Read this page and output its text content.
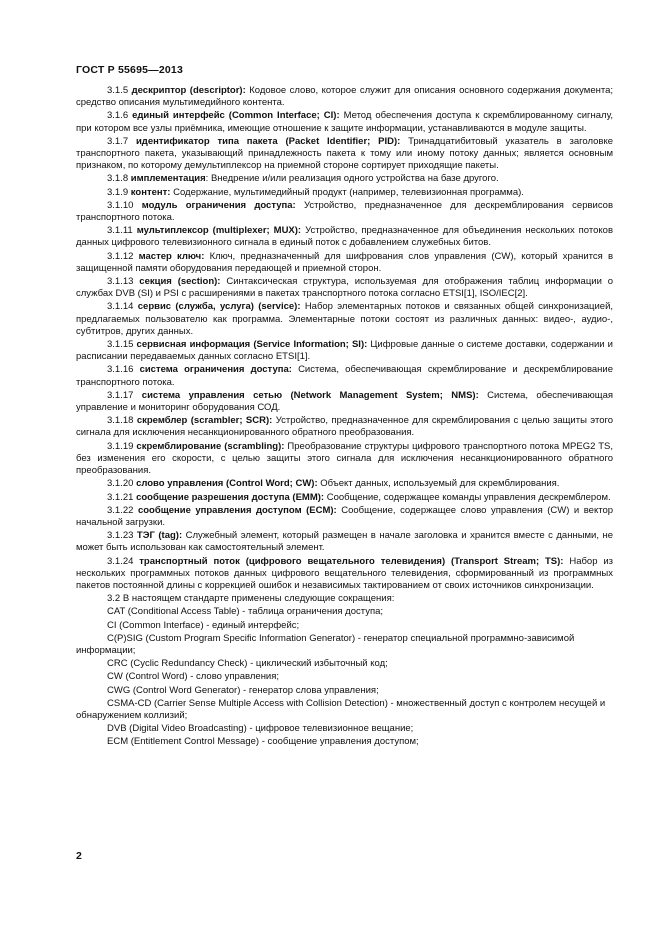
ГОСТ Р 55695—2013

3.1.5 дескриптор (descriptor): Кодовое слово, которое служит для описания основного содержания документа; средство описания мультимедийного контента.

3.1.6 единый интерфейс (Common Interface; CI): Метод обеспечения доступа к скремблированному сигналу, при котором все узлы приёмника, имеющие отношение к защите информации, устанавливаются в модуле защиты.

3.1.7 идентификатор типа пакета (Packet Identifier; PID): Тринадцатибитовый указатель в заголовке транспортного пакета, указывающий принадлежность пакета к тому или иному потоку данных; является основным признаком, по которому демультиплексор на приемной стороне сортирует приходящие пакеты.

3.1.8 имплементация: Внедрение и/или реализация одного устройства на базе другого.

3.1.9 контент: Содержание, мультимедийный продукт (например, телевизионная программа).

3.1.10 модуль ограничения доступа: Устройство, предназначенное для дескремблирования сервисов транспортного потока.

3.1.11 мультиплексор (multiplexer; MUX): Устройство, предназначенное для объединения нескольких потоков данных цифрового телевизионного сигнала в единый поток с добавлением служебных битов.

3.1.12 мастер ключ: Ключ, предназначенный для шифрования слов управления (CW), который хранится в защищенной памяти оборудования передающей и приемной сторон.

3.1.13 секция (section): Синтаксическая структура, используемая для отображения таблиц информации о службах DVB (SI) и PSI с расширениями в пакетах транспортного потока согласно ETSI[1], ISO/IEC[2].

3.1.14 сервис (служба, услуга) (service): Набор элементарных потоков и связанных общей синхронизацией, предлагаемых пользователю как программа. Элементарные потоки состоят из различных данных: видео-, аудио-, субтитров, других данных.

3.1.15 сервисная информация (Service Information; SI): Цифровые данные о системе доставки, содержании и расписании передаваемых данных согласно ETSI[1].

3.1.16 система ограничения доступа: Система, обеспечивающая скремблирование и дескремблирование транспортного потока.

3.1.17 система управления сетью (Network Management System; NMS): Система, обеспечивающая управление и мониторинг оборудования СОД.

3.1.18 скремблер (scrambler; SCR): Устройство, предназначенное для скремблирования с целью защиты этого сигнала для исключения несанкционированного обратного преобразования.

3.1.19 скремблирование (scrambling): Преобразование структуры цифрового транспортного потока MPEG2 TS, без изменения его скорости, с целью защиты этого сигнала для исключения несанкционированного обратного преобразования.

3.1.20 слово управления (Control Word; CW): Объект данных, используемый для скремблирования.

3.1.21 сообщение разрешения доступа (EMM): Сообщение, содержащее команды управления дескремблером.

3.1.22 сообщение управления доступом (ECM): Сообщение, содержащее слово управления (CW) и вектор начальной загрузки.

3.1.23 ТЭГ (tag): Служебный элемент, который размещен в начале заголовка и хранится вместе с данными, не может быть использован как самостоятельный элемент.

3.1.24 транспортный поток (цифрового вещательного телевидения) (Transport Stream; TS): Набор из нескольких программных потоков данных цифрового вещательного телевидения, сформированный из программных пакетов постоянной длины с коррекцией ошибок и независимых тактированием от своих источников синхронизации.

3.2 В настоящем стандарте применены следующие сокращения:

CAT (Conditional Access Table) - таблица ограничения доступа;

CI (Common Interface) - единый интерфейс;

C(P)SIG (Custom Program Specific Information Generator) - генератор специальной программно-зависимой информации;

CRC (Cyclic Redundancy Check) - циклический избыточный код;

CW (Control Word) - слово управления;

CWG (Control Word Generator) - генератор слова управления;

CSMA-CD (Carrier Sense Multiple Access with Collision Detection) - множественный доступ с контролем несущей и обнаружением коллизий;

DVB (Digital Video Broadcasting) - цифровое телевизионное вещание;

ECM (Entitlement Control Message) - сообщение управления доступом;

2
